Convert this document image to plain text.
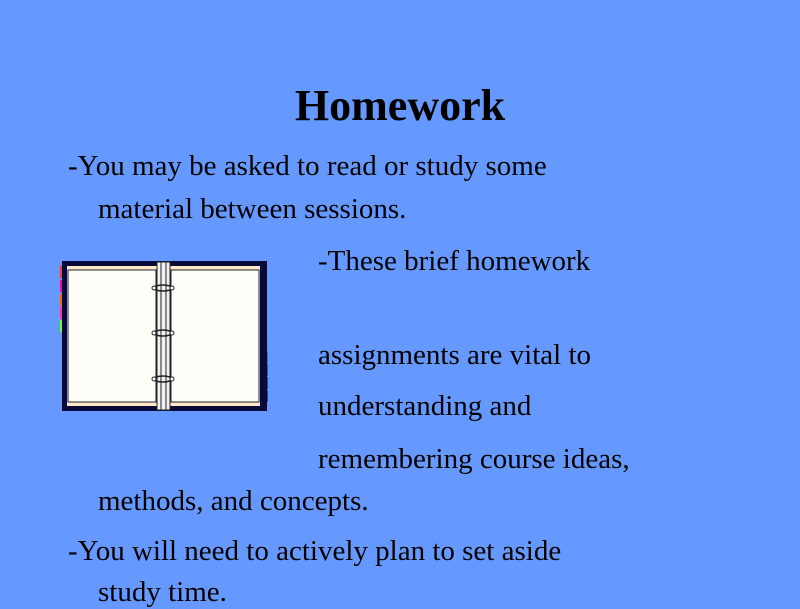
Homework
-You may be asked to read or study some
material between sessions.
-These brief homework
assignments are vital to
understanding and
remembering course ideas,
methods, and concepts.
-You will need to actively plan to set aside
study time.
